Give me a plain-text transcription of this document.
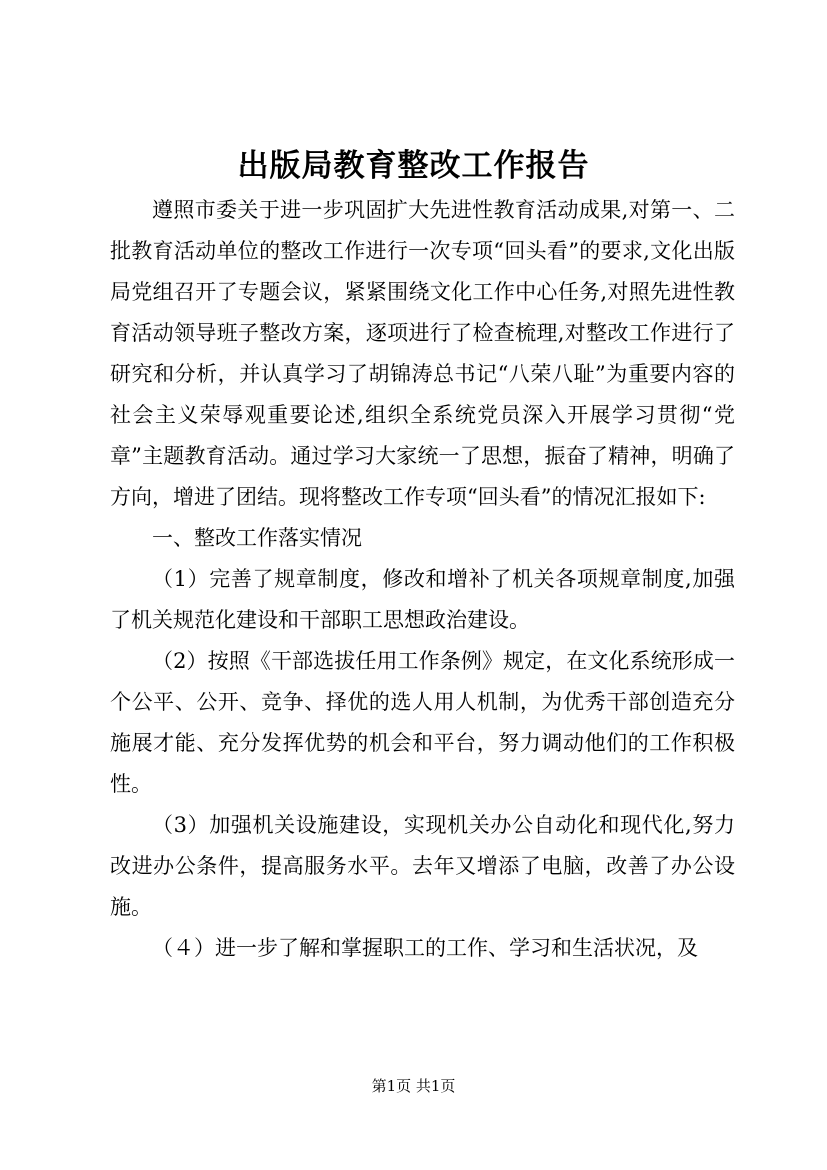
出版局教育整改工作报告

遵照市委关于进一步巩固扩大先进性教育活动成果,对第一、二批教育活动单位的整改工作进行一次专项“回头看”的要求,文化出版局党组召开了专题会议，紧紧围绕文化工作中心任务,对照先进性教育活动领导班子整改方案，逐项进行了检查梳理,对整改工作进行了研究和分析，并认真学习了胡锦涛总书记“八荣八耻”为重要内容的社会主义荣辱观重要论述,组织全系统党员深入开展学习贯彻“党章”主题教育活动。通过学习大家统一了思想，振奋了精神，明确了方向，增进了团结。现将整改工作专项“回头看”的情况汇报如下:

一、整改工作落实情况

（1）完善了规章制度，修改和增补了机关各项规章制度,加强了机关规范化建设和干部职工思想政治建设。

（2）按照《干部选拔任用工作条例》规定，在文化系统形成一个公平、公开、竞争、择优的选人用人机制，为优秀干部创造充分施展才能、充分发挥优势的机会和平台，努力调动他们的工作积极性。

（3）加强机关设施建设，实现机关办公自动化和现代化,努力改进办公条件，提高服务水平。去年又增添了电脑，改善了办公设施。

（４）进一步了解和掌握职工的工作、学习和生活状况，及

第1页 共1页
